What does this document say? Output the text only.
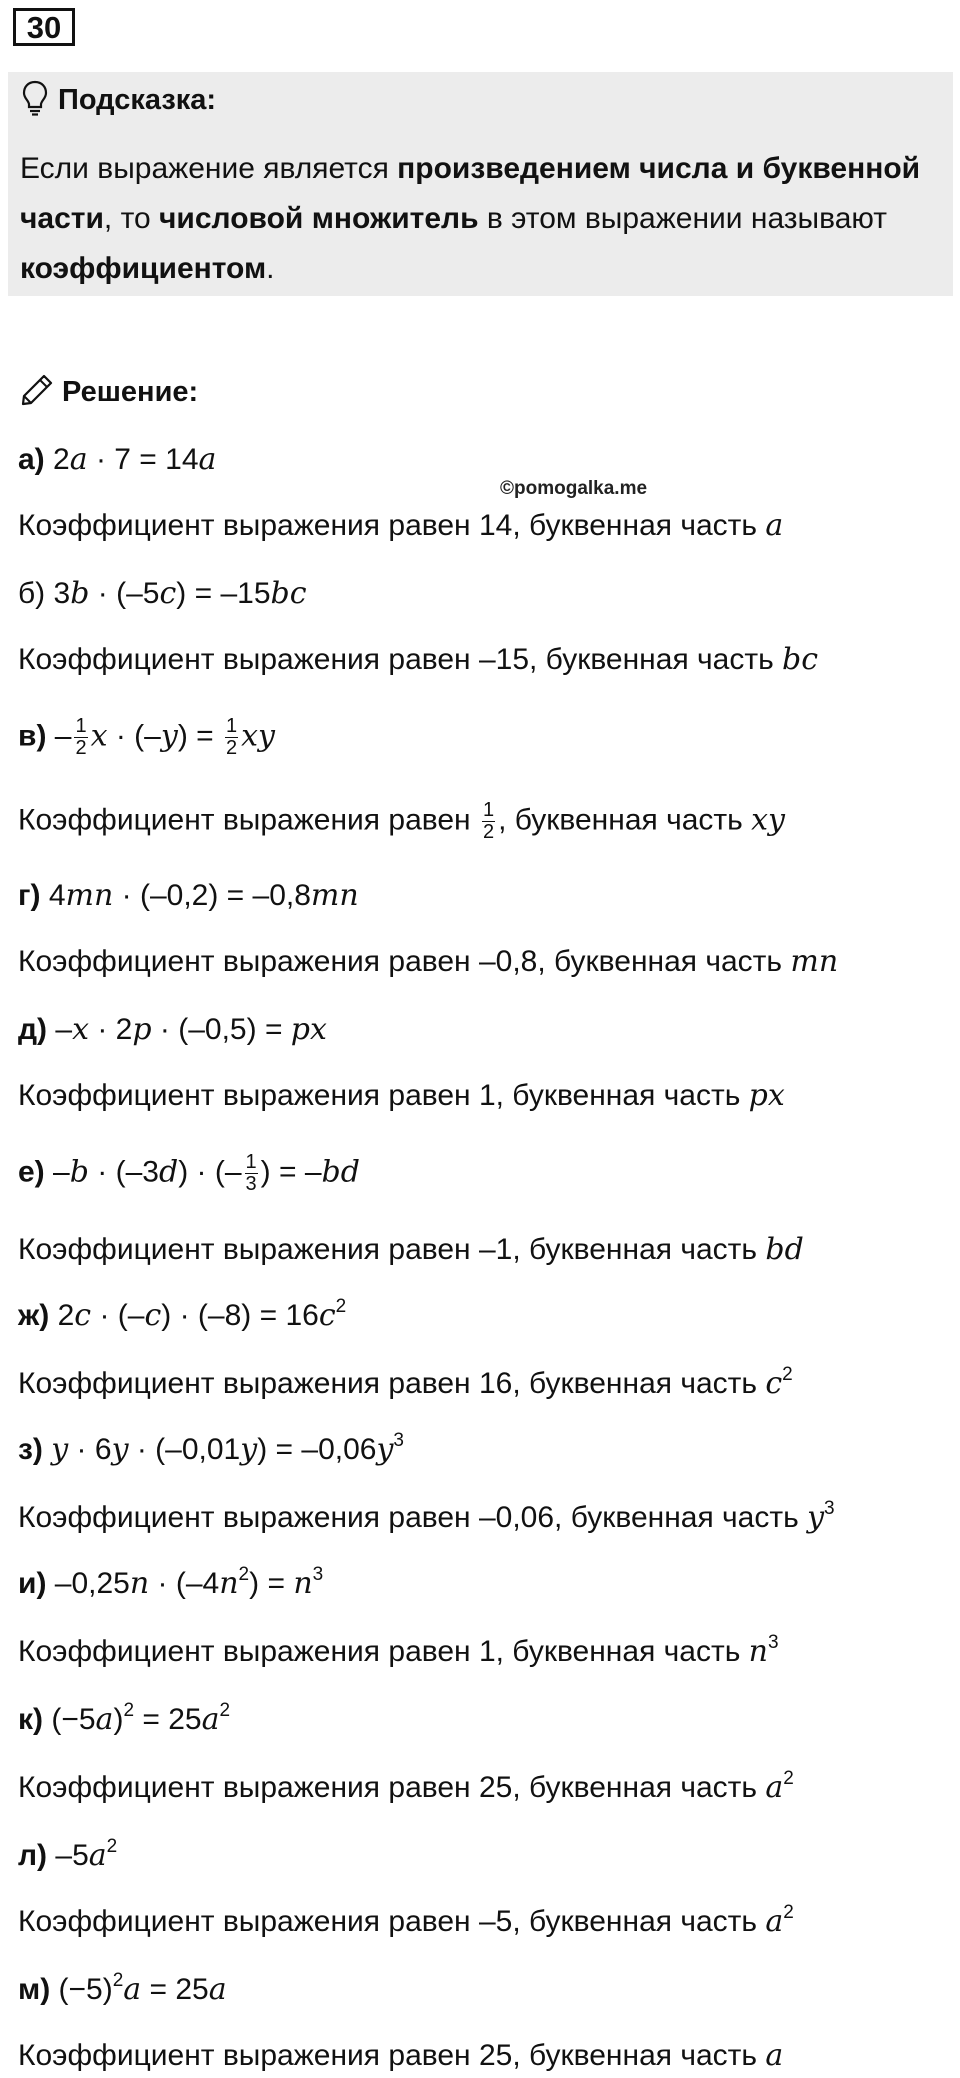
30
Подсказка:
Если выражение является произведением числа и буквенной части, то числовой множитель в этом выражении называют коэффициентом.
Решение:
©pomogalka.me
а) 2a · 7 = 14a
Коэффициент выражения равен 14, буквенная часть a
б) 3b · (–5c) = –15bc
Коэффициент выражения равен –15, буквенная часть bc
$в) - \frac{1}{2}$ $x \cdot (-y) = \frac{1}{2}$ xy
Коэффициент выражения равен $\frac{1}{2}$ , буквенная часть xy
г) 4mn · (–0,2) = –0,8mn
Коэффициент выражения равен –0,8, буквенная часть mn
д) –x · 2p · (–0,5) = px
Коэффициент выражения равен 1, буквенная часть px
е) –b · (–3d) · (– $\frac{1}{3}$ ) = –bd
Коэффициент выражения равен –1, буквенная часть bd
ж) $2c \cdot (-c) \cdot (-8) = 16c^2$
Коэффициент выражения равен 16, буквенная часть $c^2$
з) $y \cdot 6y \cdot (-0,01y) = -0,06y^3$
Коэффициент выражения равен –0,06, буквенная часть $y^3$
и) $-0,25n \cdot (-4n^2) = n^3$
Коэффициент выражения равен 1, буквенная часть $n^3$
к) $(-5a)^2 = 25a^2$
Коэффициент выражения равен 25, буквенная часть $a^2$
л) $-5a^2$
Коэффициент выражения равен –5, буквенная часть $a^2$
м) $(-5)^2a = 25a$
Коэффициент выражения равен 25, буквенная часть a
